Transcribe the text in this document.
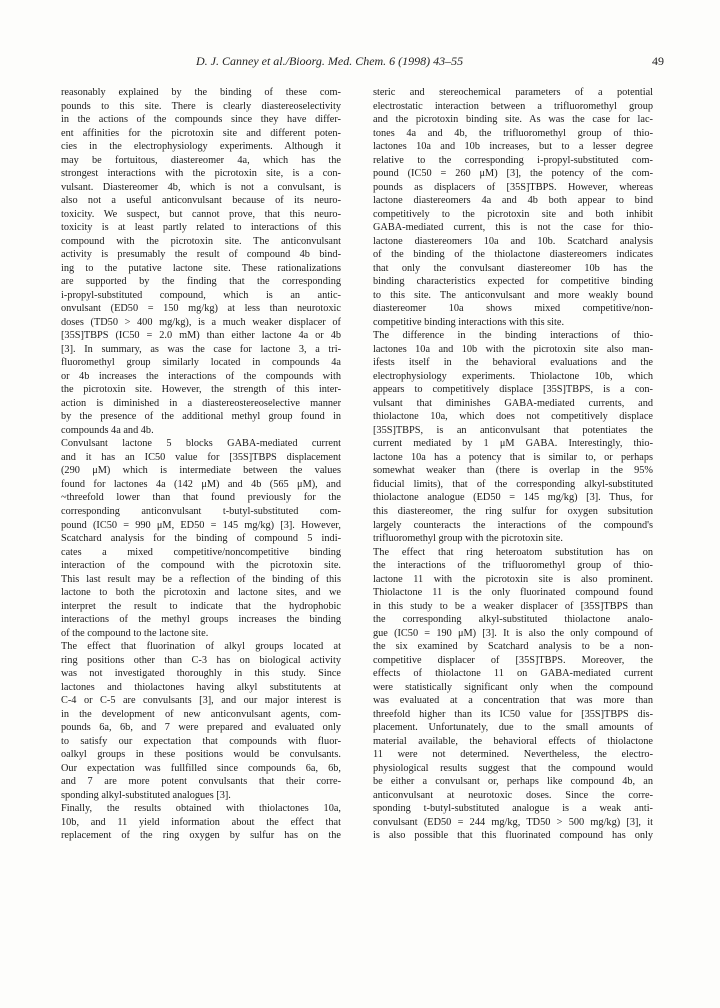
D. J. Canney et al./Bioorg. Med. Chem. 6 (1998) 43–55	49
reasonably explained by the binding of these com-
pounds to this site. There is clearly diastereoselectivity
in the actions of the compounds since they have differ-
ent affinities for the picrotoxin site and different poten-
cies in the electrophysiology experiments. Although it
may be fortuitous, diastereomer 4a, which has the
strongest interactions with the picrotoxin site, is a con-
vulsant. Diastereomer 4b, which is not a convulsant, is
also not a useful anticonvulsant because of its neuro-
toxicity. We suspect, but cannot prove, that this neuro-
toxicity is at least partly related to interactions of this
compound with the picrotoxin site. The anticonvulsant
activity is presumably the result of compound 4b bind-
ing to the putative lactone site. These rationalizations
are supported by the finding that the corresponding
i-propyl-substituted compound, which is an antic-
onvulsant (ED50 = 150 mg/kg) at less than neurotoxic
doses (TD50 > 400 mg/kg), is a much weaker displacer of
[35S]TBPS (IC50 = 2.0 mM) than either lactone 4a or 4b
[3]. In summary, as was the case for lactone 3, a tri-
fluoromethyl group similarly located in compounds 4a
or 4b increases the interactions of the compounds with
the picrotoxin site. However, the strength of this inter-
action is diminished in a diastereostereoselective manner
by the presence of the additional methyl group found in
compounds 4a and 4b.
Convulsant lactone 5 blocks GABA-mediated current
and it has an IC50 value for [35S]TBPS displacement
(290 μM) which is intermediate between the values
found for lactones 4a (142 μM) and 4b (565 μM), and
~threefold lower than that found previously for the
corresponding anticonvulsant t-butyl-substituted com-
pound (IC50 = 990 μM, ED50 = 145 mg/kg) [3]. However,
Scatchard analysis for the binding of compound 5 indi-
cates a mixed competitive/noncompetitive binding
interaction of the compound with the picrotoxin site.
This last result may be a reflection of the binding of this
lactone to both the picrotoxin and lactone sites, and we
interpret the result to indicate that the hydrophobic
interactions of the methyl groups increases the binding
of the compound to the lactone site.
The effect that fluorination of alkyl groups located at
ring positions other than C-3 has on biological activity
was not investigated thoroughly in this study. Since
lactones and thiolactones having alkyl substitutents at
C-4 or C-5 are convulsants [3], and our major interest is
in the development of new anticonvulsant agents, com-
pounds 6a, 6b, and 7 were prepared and evaluated only
to satisfy our expectation that compounds with fluor-
oalkyl groups in these positions would be convulsants.
Our expectation was fullfilled since compounds 6a, 6b,
and 7 are more potent convulsants that their corre-
sponding alkyl-substituted analogues [3].
Finally, the results obtained with thiolactones 10a,
10b, and 11 yield information about the effect that
replacement of the ring oxygen by sulfur has on the
steric and stereochemical parameters of a potential
electrostatic interaction between a trifluoromethyl group
and the picrotoxin binding site. As was the case for lac-
tones 4a and 4b, the trifluoromethyl group of thio-
lactones 10a and 10b increases, but to a lesser degree
relative to the corresponding i-propyl-substituted com-
pound (IC50 = 260 μM) [3], the potency of the com-
pounds as displacers of [35S]TBPS. However, whereas
lactone diastereomers 4a and 4b both appear to bind
competitively to the picrotoxin site and both inhibit
GABA-mediated current, this is not the case for thio-
lactone diastereomers 10a and 10b. Scatchard analysis
of the binding of the thiolactone diastereomers indicates
that only the convulsant diastereomer 10b has the
binding characteristics expected for competitive binding
to this site. The anticonvulsant and more weakly bound
diastereomer 10a shows mixed competitive/non-
competitive binding interactions with this site.
The difference in the binding interactions of thio-
lactones 10a and 10b with the picrotoxin site also man-
ifests itself in the behavioral evaluations and the
electrophysiology experiments. Thiolactone 10b, which
appears to competitively displace [35S]TBPS, is a con-
vulsant that diminishes GABA-mediated currents, and
thiolactone 10a, which does not competitively displace
[35S]TBPS, is an anticonvulsant that potentiates the
current mediated by 1 μM GABA. Interestingly, thio-
lactone 10a has a potency that is similar to, or perhaps
somewhat weaker than (there is overlap in the 95%
fiducial limits), that of the corresponding alkyl-substituted
thiolactone analogue (ED50 = 145 mg/kg) [3]. Thus, for
this diastereomer, the ring sulfur for oxygen subsitution
largely counteracts the interactions of the compound's
trifluoromethyl group with the picrotoxin site.
The effect that ring heteroatom substitution has on
the interactions of the trifluoromethyl group of thio-
lactone 11 with the picrotoxin site is also prominent.
Thiolactone 11 is the only fluorinated compound found
in this study to be a weaker displacer of [35S]TBPS than
the corresponding alkyl-substituted thiolactone analo-
gue (IC50 = 190 μM) [3]. It is also the only compound of
the six examined by Scatchard analysis to be a non-
competitive displacer of [35S]TBPS. Moreover, the
effects of thiolactone 11 on GABA-mediated current
were statistically significant only when the compound
was evaluated at a concentration that was more than
threefold higher than its IC50 value for [35S]TBPS dis-
placement. Unfortunately, due to the small amounts of
material available, the behavioral effects of thiolactone
11 were not determined. Nevertheless, the electro-
physiological results suggest that the compound would
be either a convulsant or, perhaps like compound 4b, an
anticonvulsant at neurotoxic doses. Since the corre-
sponding t-butyl-substituted analogue is a weak anti-
convulsant (ED50 = 244 mg/kg, TD50 > 500 mg/kg) [3], it
is also possible that this fluorinated compound has only
